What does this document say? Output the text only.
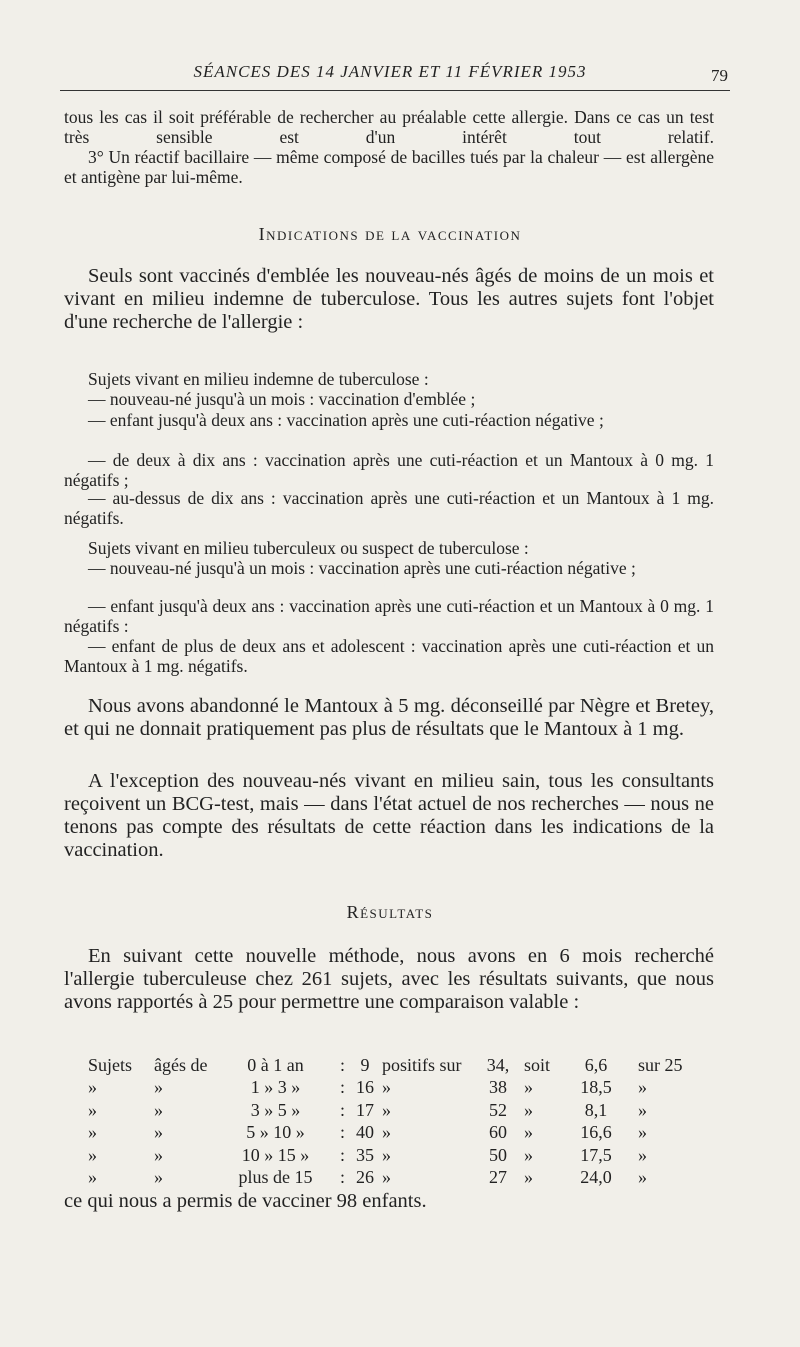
SÉANCES DES 14 JANVIER ET 11 FÉVRIER 1953	79

tous les cas il soit préférable de rechercher au préalable cette allergie. Dans ce cas un test très sensible est d'un intérêt tout relatif.

3° Un réactif bacillaire — même composé de bacilles tués par la chaleur — est allergène et antigène par lui-même.

Indications de la vaccination

Seuls sont vaccinés d'emblée les nouveau-nés âgés de moins de un mois et vivant en milieu indemne de tuberculose. Tous les autres sujets font l'objet d'une recherche de l'allergie :

Sujets vivant en milieu indemne de tuberculose :

— nouveau-né jusqu'à un mois : vaccination d'emblée ;

— enfant jusqu'à deux ans : vaccination après une cuti-réaction négative ;

— de deux à dix ans : vaccination après une cuti-réaction et un Mantoux à 0 mg. 1 négatifs ;

— au-dessus de dix ans : vaccination après une cuti-réaction et un Mantoux à 1 mg. négatifs.

Sujets vivant en milieu tuberculeux ou suspect de tuberculose :

— nouveau-né jusqu'à un mois : vaccination après une cuti-réaction négative ;

— enfant jusqu'à deux ans : vaccination après une cuti-réaction et un Mantoux à 0 mg. 1 négatifs :

— enfant de plus de deux ans et adolescent : vaccination après une cuti-réaction et un Mantoux à 1 mg. négatifs.

Nous avons abandonné le Mantoux à 5 mg. déconseillé par Nègre et Bretey, et qui ne donnait pratiquement pas plus de résultats que le Mantoux à 1 mg.

A l'exception des nouveau-nés vivant en milieu sain, tous les consultants reçoivent un BCG-test, mais — dans l'état actuel de nos recherches — nous ne tenons pas compte des résultats de cette réaction dans les indications de la vaccination.

Résultats

En suivant cette nouvelle méthode, nous avons en 6 mois recherché l'allergie tuberculeuse chez 261 sujets, avec les résultats suivants, que nous avons rapportés à 25 pour permettre une comparaison valable :

Sujets âgés de	0 à 1 an	: 9 positifs sur	34, soit	6,6	sur 25
»	»	1 » 3 »	: 16 »	38 »	18,5	»
»	»	3 » 5 »	: 17 »	52 »	8,1	»
»	»	5 » 10 »	: 40 »	60 »	16,6	»
»	»	10 » 15 »	: 35 »	50 »	17,5	»
»	»	plus de 15	: 26 »	27 »	24,0	»

ce qui nous a permis de vacciner 98 enfants.
